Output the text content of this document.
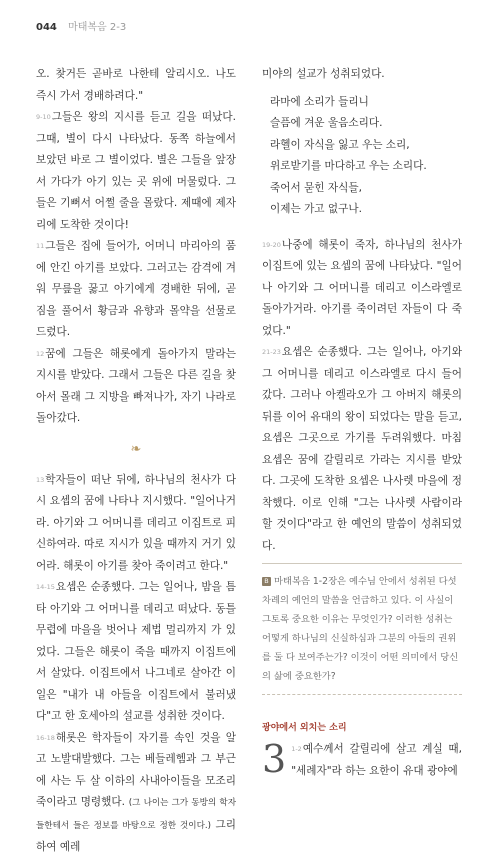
044 마태복음 2-3

오. 찾거든 곧바로 나한테 알리시오. 나도 즉시 가서 경배하려다."

$^{9-10}$그들은 왕의 지시를 듣고 길을 떠났다. 그때, 별이 다시 나타났다. 동쪽 하늘에서 보았던 바로 그 별이었다. 별은 그들을 앞장서 가다가 아기 있는 곳 위에 머물렀다. 그들은 기뻐서 어쩔 줄을 몰랐다. 제때에 제자리에 도착한 것이다!

$^{11}$그들은 집에 들어가, 어머니 마리아의 품에 안긴 아기를 보았다. 그러고는 감격에 겨워 무릎을 꿇고 아기에게 경배한 뒤에, 곧 짐을 풀어서 황금과 유향과 몰약을 선물로 드렸다.

$^{12}$꿈에 그들은 해롯에게 돌아가지 말라는 지시를 받았다. 그래서 그들은 다른 길을 찾아서 몰래 그 지방을 빠져나가, 자기 나라로 돌아갔다.

❧

$^{13}$학자들이 떠난 뒤에, 하나님의 천사가 다시 요셉의 꿈에 나타나 지시했다. "일어나거라. 아기와 그 어머니를 데리고 이집트로 피신하여라. 따로 지시가 있을 때까지 거기 있어라. 해롯이 아기를 찾아 죽이려고 한다."

$^{14-15}$요셉은 순종했다. 그는 일어나, 밤을 틈타 아기와 그 어머니를 데리고 떠났다. 동틀 무렵에 마을을 벗어나 제법 멀리까지 가 있었다. 그들은 해롯이 죽을 때까지 이집트에서 살았다. 이집트에서 나그네로 살아간 이 일은 "내가 내 아들을 이집트에서 불러냈다"고 한 호세아의 설교를 성취한 것이다.

$^{16-18}$해롯은 학자들이 자기를 속인 것을 알고 노발대발했다. 그는 베들레헴과 그 부근에 사는 두 살 이하의 사내아이들을 모조리 죽이라고 명령했다. (그 나이는 그가 동방의 학자들한테서 들은 정보를 바탕으로 정한 것이다.) 그리하여 예레

미야의 설교가 성취되었다.

라마에 소리가 들리니
슬픔에 겨운 울음소리다.
라헬이 자식을 잃고 우는 소리,
위로받기를 마다하고 우는 소리다.
죽어서 묻힌 자식들,
이제는 가고 없구나.

$^{19-20}$나중에 해롯이 죽자, 하나님의 천사가 이집트에 있는 요셉의 꿈에 나타났다. "일어나 아기와 그 어머니를 데리고 이스라엘로 돌아가거라. 아기를 죽이려던 자들이 다 죽었다."

$^{21-23}$요셉은 순종했다. 그는 일어나, 아기와 그 어머니를 데리고 이스라엘로 다시 들어갔다. 그러나 아켈라오가 그 아버지 해롯의 뒤를 이어 유대의 왕이 되었다는 말을 듣고, 요셉은 그곳으로 가기를 두려워했다. 마침 요셉은 꿈에 갈릴리로 가라는 지시를 받았다. 그곳에 도착한 요셉은 나사렛 마을에 정착했다. 이로 인해 "그는 나사렛 사람이라 할 것이다"라고 한 예언의 말씀이 성취되었다.

B 마태복음 1-2장은 예수님 안에서 성취된 다섯 차례의 예언의 말씀을 언급하고 있다. 이 사실이 그토록 중요한 이유는 무엇인가? 이러한 성취는 어떻게 하나님의 신실하심과 그분의 아들의 권위를 둘 다 보여주는가? 이것이 어떤 의미에서 당신의 삶에 중요한가?
광야에서 외치는 소리

3 $^{1-2}$예수께서 갈릴리에 살고 계실 때, "세례자"라 하는 요한이 유대 광야에
